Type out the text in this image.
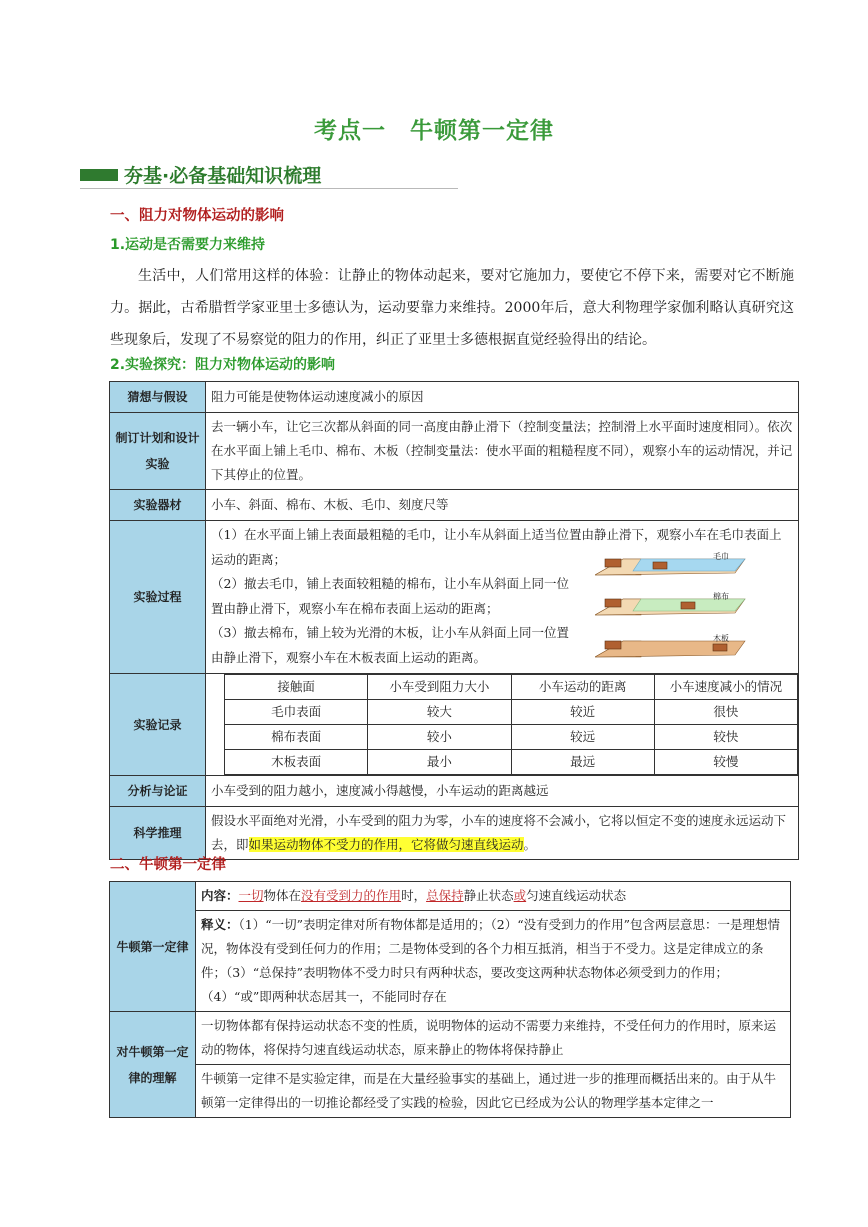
考点一　牛顿第一定律
夯基·必备基础知识梳理
一、阻力对物体运动的影响
1.运动是否需要力来维持
生活中，人们常用这样的体验：让静止的物体动起来，要对它施加力，要使它不停下来，需要对它不断施力。据此，古希腊哲学家亚里士多德认为，运动要靠力来维持。2000年后，意大利物理学家伽利略认真研究这些现象后，发现了不易察觉的阻力的作用，纠正了亚里士多德根据直觉经验得出的结论。
2.实验探究：阻力对物体运动的影响
猜想与假设	阻力可能是使物体运动速度减小的原因
制订计划和设计实验	去一辆小车，让它三次都从斜面的同一高度由静止滑下（控制变量法；控制滑上水平面时速度相同）。依次在水平面上铺上毛巾、棉布、木板（控制变量法：使水平面的粗糙程度不同），观察小车的运动情况，并记下其停止的位置。
实验器材	小车、斜面、棉布、木板、毛巾、刻度尺等
实验过程	

（1）在水平面上铺上表面最粗糙的毛巾，让小车从斜面上适当位置由静止滑下，观察小车在毛巾表面上运动的距离；

（2）撤去毛巾，铺上表面较粗糙的棉布，让小车从斜面上同一位置由静止滑下，观察小车在棉布表面上运动的距离；

（3）撤去棉布，铺上较为光滑的木板，让小车从斜面上同一位置由静止滑下，观察小车在木板表面上运动的距离。

毛巾
棉布
木板

实验记录	
接触面	小车受到阻力大小	小车运动的距离	小车速度减小的情况
毛巾表面	较大	较近	很快
棉布表面	较小	较远	较快
木板表面	最小	最远	较慢

分析与论证	小车受到的阻力越小，速度减小得越慢，小车运动的距离越远
科学推理	假设水平面绝对光滑，小车受到的阻力为零，小车的速度将不会减小，它将以恒定不变的速度永远运动下去，即如果运动物体不受力的作用，它将做匀速直线运动。
二、牛顿第一定律
牛顿第一定律	内容：一切物体在没有受到力的作用时，总保持静止状态或匀速直线运动状态
	释义：（1）“一切”表明定律对所有物体都是适用的；（2）“没有受到力的作用”包含两层意思：一是理想情况，物体没有受到任何力的作用；二是物体受到的各个力相互抵消，相当于不受力。这是定律成立的条件；（3）“总保持”表明物体不受力时只有两种状态，要改变这两种状态物体必须受到力的作用；（4）“或”即两种状态居其一，不能同时存在
对牛顿第一定律的理解	一切物体都有保持运动状态不变的性质，说明物体的运动不需要力来维持，不受任何力的作用时，原来运动的物体，将保持匀速直线运动状态，原来静止的物体将保持静止
	牛顿第一定律不是实验定律，而是在大量经验事实的基础上，通过进一步的推理而概括出来的。由于从牛顿第一定律得出的一切推论都经受了实践的检验，因此它已经成为公认的物理学基本定律之一
